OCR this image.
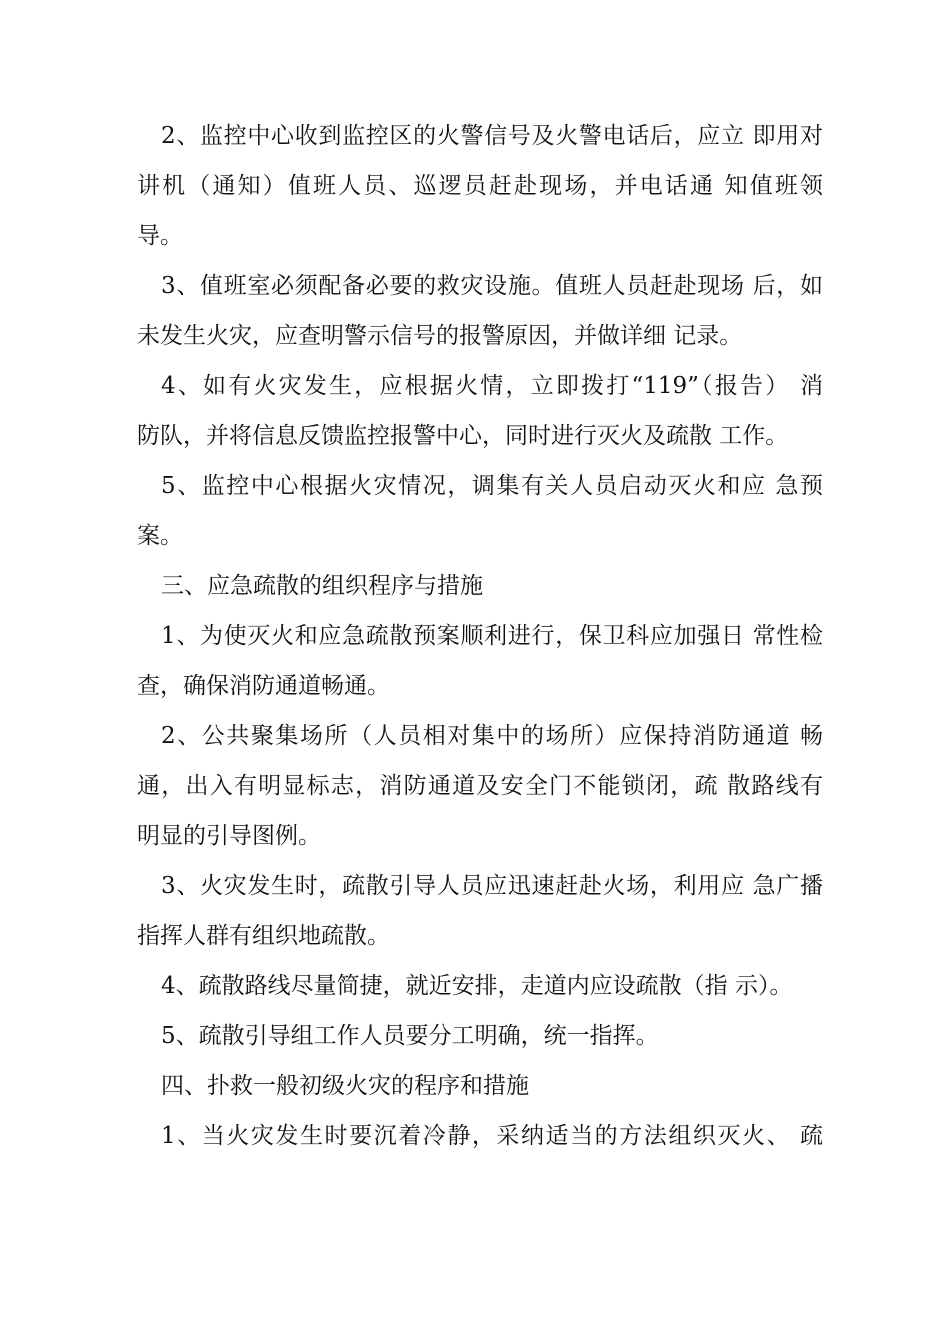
2、监控中心收到监控区的火警信号及火警电话后，应立 即用对

讲机（通知）值班人员、巡逻员赶赴现场，并电话通 知值班领

导。

3、值班室必须配备必要的救灾设施。值班人员赶赴现场 后，如

未发生火灾，应查明警示信号的报警原因，并做详细 记录。

4、如有火灾发生，应根据火情，立即拨打“119”（报告） 消

防队，并将信息反馈监控报警中心，同时进行灭火及疏散 工作。

5、监控中心根据火灾情况，调集有关人员启动灭火和应 急预

案。

三、应急疏散的组织程序与措施

1、为使灭火和应急疏散预案顺利进行，保卫科应加强日 常性检

查，确保消防通道畅通。

2、公共聚集场所（人员相对集中的场所）应保持消防通道 畅

通，出入有明显标志，消防通道及安全门不能锁闭，疏 散路线有

明显的引导图例。

3、火灾发生时，疏散引导人员应迅速赶赴火场，利用应 急广播

指挥人群有组织地疏散。

4、疏散路线尽量简捷，就近安排，走道内应设疏散（指 示）。

5、疏散引导组工作人员要分工明确，统一指挥。

四、扑救一般初级火灾的程序和措施

1、当火灾发生时要沉着冷静，采纳适当的方法组织灭火、 疏
